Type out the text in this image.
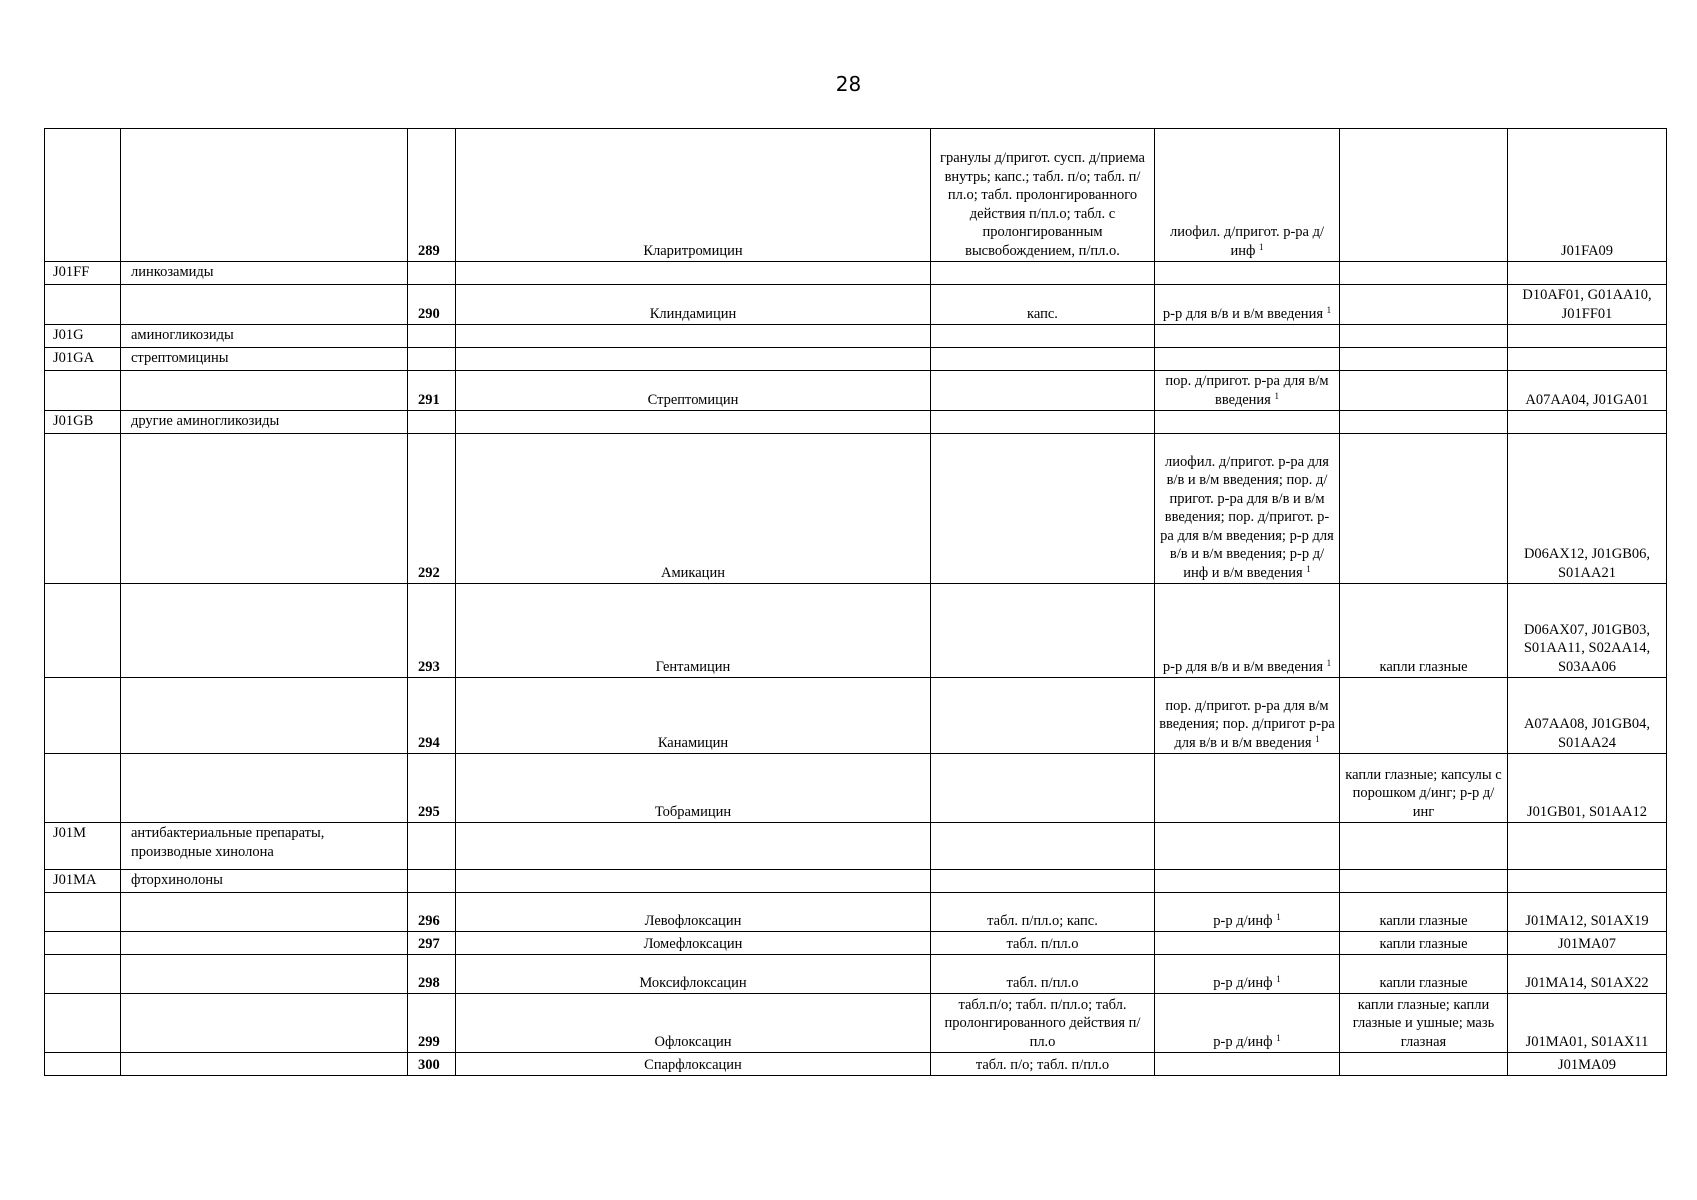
28
		289	Кларитромицин	гранулы д/пригот. сусп. д/приема внутрь; капс.; табл. п/о; табл. п/пл.о; табл. пролонгированного действия п/пл.о; табл. с пролонгированным высвобождением, п/пл.о.	лиофил. д/пригот. р-ра д/инф $^1$		J01FA09
J01FF	линкозамиды						
		290	Клиндамицин	капс.	р-р для в/в и в/м введения $^1$		D10AF01, G01AA10, J01FF01
J01G	аминогликозиды						
J01GA	стрептомицины						
		291	Стрептомицин		пор. д/пригот. р-ра для в/м введения $^1$		A07AA04, J01GA01
J01GB	другие аминогликозиды						
		292	Амикацин		лиофил. д/пригот. р-ра для в/в и в/м введения; пор. д/пригот. р-ра для в/в и в/м введения; пор. д/пригот. р-ра для в/м введения; р-р для в/в и в/м введения; р-р д/инф и в/м введения $^1$		D06AX12, J01GB06, S01AA21
		293	Гентамицин		р-р для в/в и в/м введения $^1$	капли глазные	D06AX07, J01GB03, S01AA11, S02AA14, S03AA06
		294	Канамицин		пор. д/пригот. р-ра для в/м введения; пор. д/пригот р-ра для в/в и в/м введения $^1$		A07AA08, J01GB04, S01AA24
		295	Тобрамицин			капли глазные; капсулы с порошком д/инг; р-р д/инг	J01GB01, S01AA12
J01M	антибактериальные препараты, производные хинолона						
J01MA	фторхинолоны						
		296	Левофлоксацин	табл. п/пл.о; капс.	р-р д/инф $^1$	капли глазные	J01MA12, S01AX19
		297	Ломефлоксацин	табл. п/пл.о		капли глазные	J01MA07
		298	Моксифлоксацин	табл. п/пл.о	р-р д/инф $^1$	капли глазные	J01MA14, S01AX22
		299	Офлоксацин	табл.п/о; табл. п/пл.о; табл. пролонгированного действия п/пл.о	р-р д/инф $^1$	капли глазные; капли глазные и ушные; мазь глазная	J01MA01, S01AX11
		300	Спарфлоксацин	табл. п/о; табл. п/пл.о			J01MA09
